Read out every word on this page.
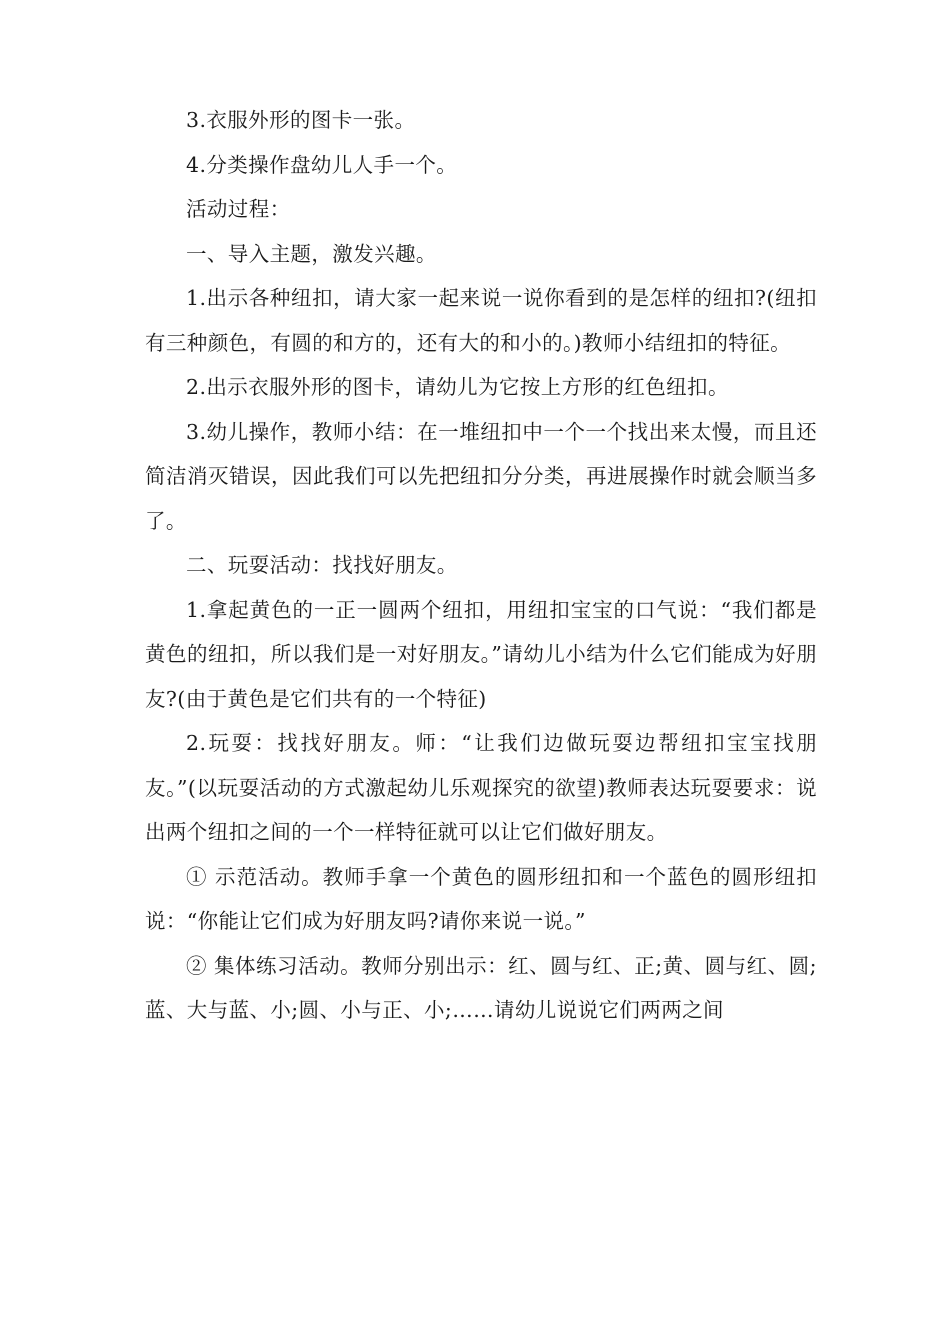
3.衣服外形的图卡一张。

4.分类操作盘幼儿人手一个。

活动过程：

一、导入主题，激发兴趣。

1.出示各种纽扣，请大家一起来说一说你看到的是怎样的纽扣?(纽扣有三种颜色，有圆的和方的，还有大的和小的。)教师小结纽扣的特征。

2.出示衣服外形的图卡，请幼儿为它按上方形的红色纽扣。

3.幼儿操作，教师小结：在一堆纽扣中一个一个找出来太慢，而且还简洁消灭错误，因此我们可以先把纽扣分分类，再进展操作时就会顺当多了。

二、玩耍活动：找找好朋友。

1.拿起黄色的一正一圆两个纽扣，用纽扣宝宝的口气说：“我们都是黄色的纽扣，所以我们是一对好朋友。”请幼儿小结为什么它们能成为好朋友?(由于黄色是它们共有的一个特征)

2.玩耍：找找好朋友。师：“让我们边做玩耍边帮纽扣宝宝找朋友。”(以玩耍活动的方式激起幼儿乐观探究的欲望)教师表达玩耍要求：说出两个纽扣之间的一个一样特征就可以让它们做好朋友。

① 示范活动。教师手拿一个黄色的圆形纽扣和一个蓝色的圆形纽扣说：“你能让它们成为好朋友吗?请你来说一说。”

② 集体练习活动。教师分别出示：红、圆与红、正;黄、圆与红、圆;蓝、大与蓝、小;圆、小与正、小;……请幼儿说说它们两两之间
